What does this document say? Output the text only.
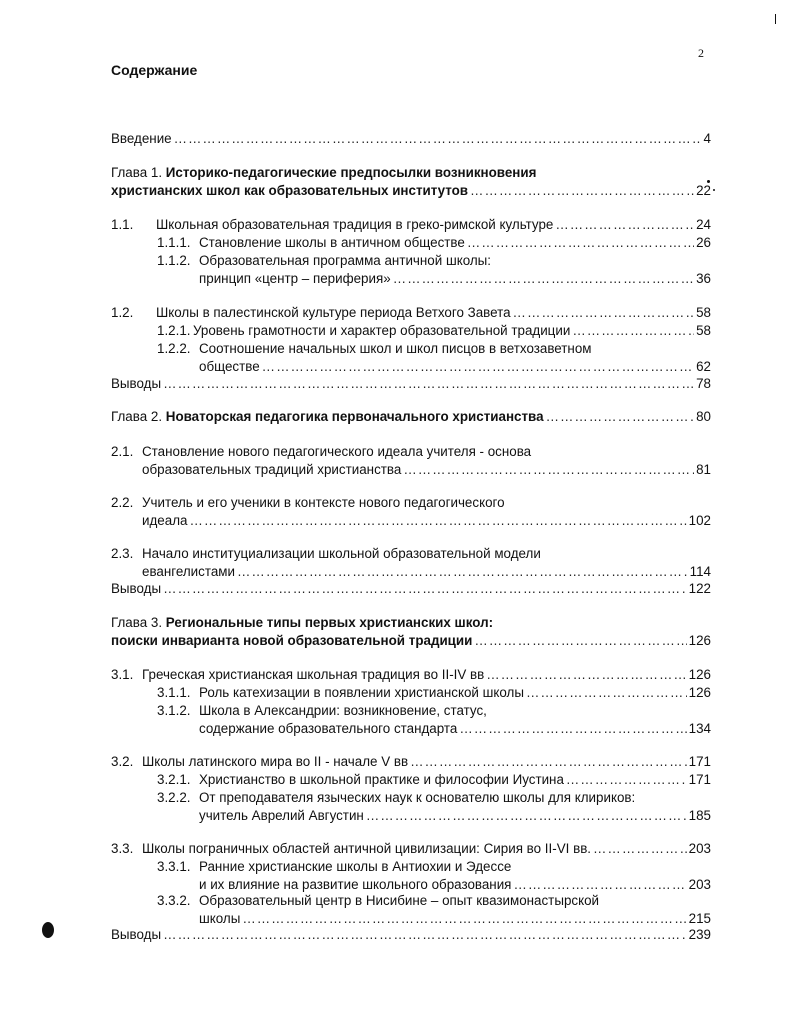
2
Содержание
Введение ………………………………………………………………………………………………………………………………………………………………………………………	4
Глава 1. Историко-педагогические предпосылки возникновения
христианских школ как образовательных институтов ………………………………………………………………………………………………………………………………………………………………………………………	22
1.1.	Школьная образовательная традиция в греко-римской культуре ………………………………………………………………………………………………………………………………………………………………………………………	24
1.1.1. Становление школы в античном обществе ………………………………………………………………………………………………………………………………………………………………………………………	26
1.1.2. Образовательная программа античной школы:
принцип «центр – периферия» ………………………………………………………………………………………………………………………………………………………………………………………	36
1.2.	Школы в палестинской культуре периода Ветхого Завета ………………………………………………………………………………………………………………………………………………………………………………………	58
1.2.1. Уровень грамотности и характер образовательной традиции ………………………………………………………………………………………………………………………………………………………………………………………	58
1.2.2. Соотношение начальных школ и школ писцов в ветхозаветном
обществе ………………………………………………………………………………………………………………………………………………………………………………………	62
Выводы ………………………………………………………………………………………………………………………………………………………………………………………	78
Глава 2. Новаторская педагогика первоначального христианства ………………………………………………………………………………………………………………………………………………………………………………………	80
2.1. Становление нового педагогического идеала учителя - основа
образовательных традиций христианства ………………………………………………………………………………………………………………………………………………………………………………………	81
2.2. Учитель и его ученики в контексте нового педагогического
идеала ………………………………………………………………………………………………………………………………………………………………………………………	102
2.3. Начало институциализации школьной образовательной модели
евангелистами ………………………………………………………………………………………………………………………………………………………………………………………	114
Выводы ………………………………………………………………………………………………………………………………………………………………………………………	122
Глава 3. Региональные типы первых христианских школ:
поиски инварианта новой образовательной традиции ………………………………………………………………………………………………………………………………………………………………………………………	126
3.1. Греческая христианская школьная традиция во II-IV вв ………………………………………………………………………………………………………………………………………………………………………………………	126
3.1.1. Роль катехизации в появлении христианской школы ………………………………………………………………………………………………………………………………………………………………………………………	126
3.1.2. Школа в Александрии: возникновение, статус,
содержание образовательного стандарта ………………………………………………………………………………………………………………………………………………………………………………………	134
3.2. Школы латинского мира во II - начале V вв ………………………………………………………………………………………………………………………………………………………………………………………	171
3.2.1. Христианство в школьной практике и философии Иустина ………………………………………………………………………………………………………………………………………………………………………………………	171
3.2.2. От преподавателя языческих наук к основателю школы для клириков:
учитель Аврелий Августин ………………………………………………………………………………………………………………………………………………………………………………………	185
3.3. Школы пограничных областей античной цивилизации: Сирия во II-VI вв. ………………………………………………………………………………………………………………………………………………………………………………………	203
3.3.1. Ранние христианские школы в Антиохии и Эдессе
и их влияние на развитие школьного образования ………………………………………………………………………………………………………………………………………………………………………………………	203
3.3.2. Образовательный центр в Нисибине – опыт квазимонастырской
школы ………………………………………………………………………………………………………………………………………………………………………………………	215
Выводы ………………………………………………………………………………………………………………………………………………………………………………………	239
